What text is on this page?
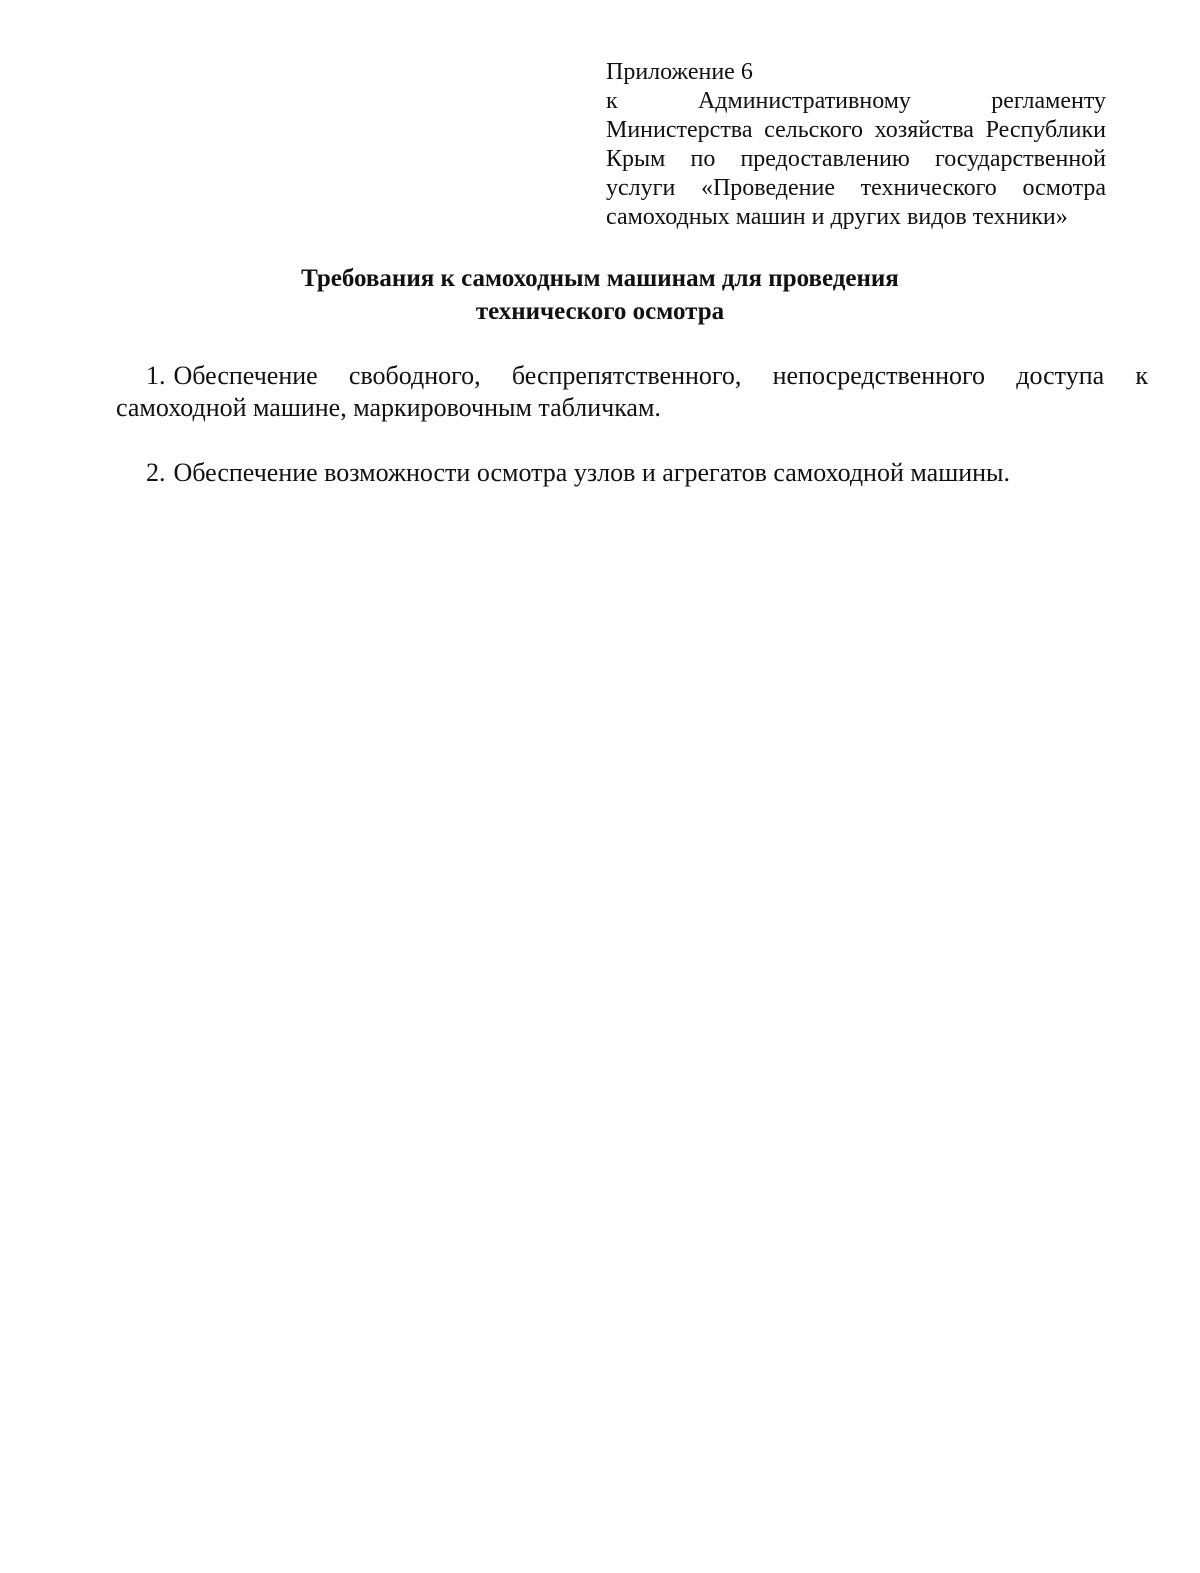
Приложение 6
к Административному регламенту Министерства сельского хозяйства Республики Крым по предоставлению государственной услуги «Проведение технического осмотра самоходных машин и других видов техники»
Требования к самоходным машинам для проведения
технического осмотра

1. Обеспечение свободного, беспрепятственного, непосредственного доступа к самоходной машине, маркировочным табличкам.

2. Обеспечение возможности осмотра узлов и агрегатов самоходной машины.
